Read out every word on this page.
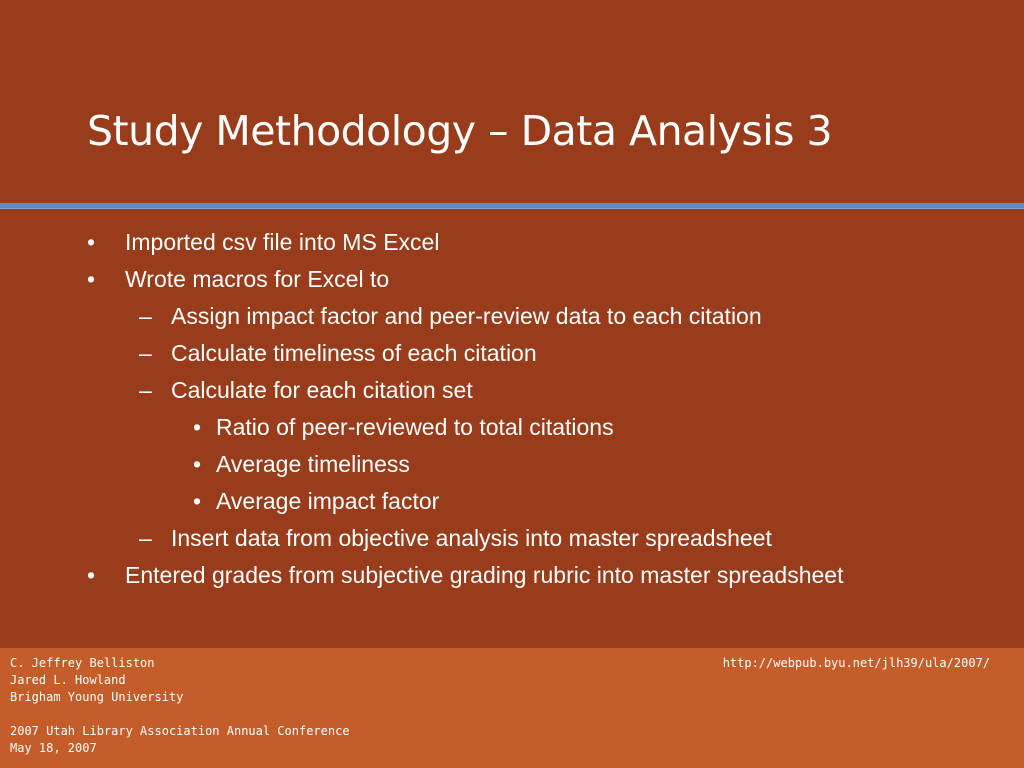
Study Methodology – Data Analysis 3
• Imported csv file into MS Excel
• Wrote macros for Excel to
– Assign impact factor and peer-review data to each citation
– Calculate timeliness of each citation
– Calculate for each citation set
• Ratio of peer-reviewed to total citations
• Average timeliness
• Average impact factor
– Insert data from objective analysis into master spreadsheet
• Entered grades from subjective grading rubric into master spreadsheet
C. Jeffrey Belliston
Jared L. Howland
Brigham Young University
2007 Utah Library Association Annual Conference
May 18, 2007
http://webpub.byu.net/jlh39/ula/2007/
